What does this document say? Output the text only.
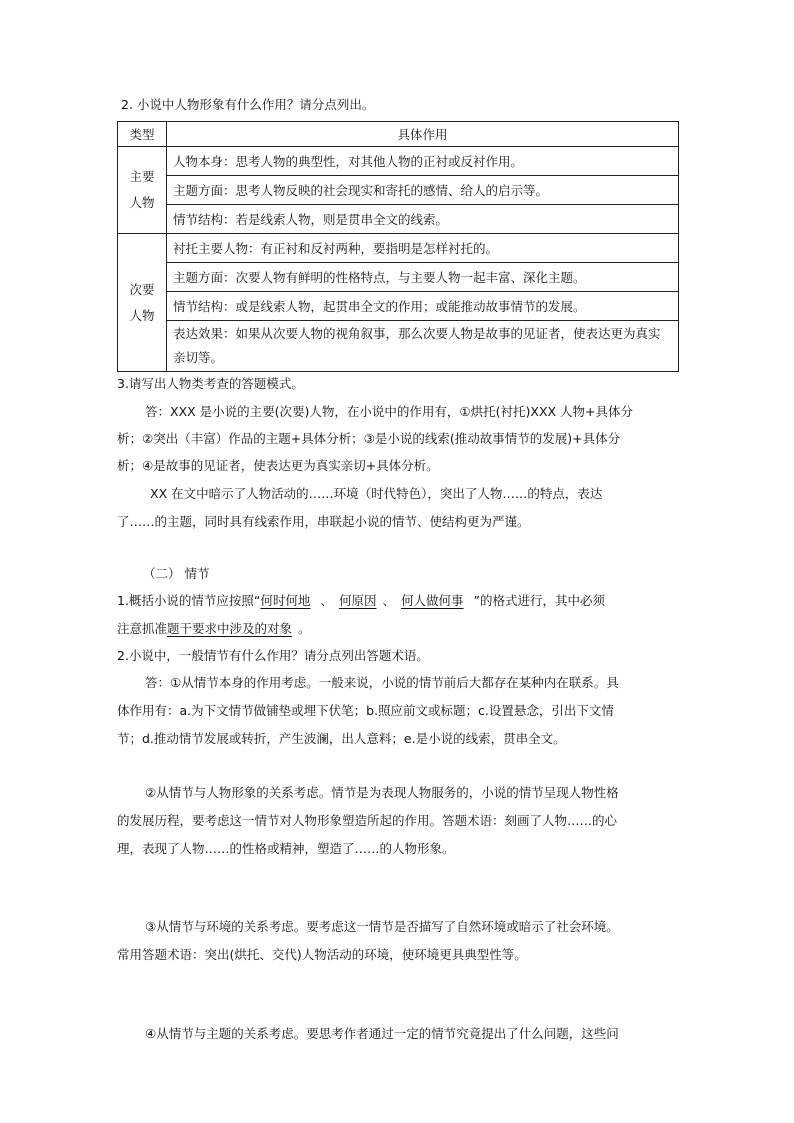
2. 小说中人物形象有什么作用？请分点列出。
类型	具体作用

主要
人物	人物本身：思考人物的典型性，对其他人物的正衬或反衬作用。
	主题方面：思考人物反映的社会现实和寄托的感情、给人的启示等。
	情节结构：若是线索人物，则是贯串全文的线索。

次要
人物	衬托主要人物：有正衬和反衬两种，要指明是怎样衬托的。
	主题方面：次要人物有鲜明的性格特点，与主要人物一起丰富、深化主题。
	情节结构：或是线索人物，起贯串全文的作用；或能推动故事情节的发展。
	表达效果：如果从次要人物的视角叙事，那么次要人物是故事的见证者，使表达更为真实亲切等。
3.请写出人物类考查的答题模式。
答：XXX 是小说的主要(次要)人物，在小说中的作用有，①烘托(衬托)XXX 人物+具体分
析；②突出（丰富）作品的主题+具体分析；③是小说的线索(推动故事情节的发展)+具体分
析；④是故事的见证者，使表达更为真实亲切+具体分析。
XX 在文中暗示了人物活动的……环境（时代特色），突出了人物……的特点，表达
了……的主题，同时具有线索作用，串联起小说的情节、使结构更为严谨。
（二） 情节
1.概括小说的情节应按照“何时何地 、 何原因 、 何人做何事 ”的格式进行，其中必须
注意抓准题干要求中涉及的对象 。
2.小说中，一般情节有什么作用？请分点列出答题术语。
答：①从情节本身的作用考虑。一般来说，小说的情节前后大都存在某种内在联系。具
体作用有：a.为下文情节做铺垫或埋下伏笔；b.照应前文或标题；c.设置悬念，引出下文情
节；d.推动情节发展或转折，产生波澜，出人意料；e.是小说的线索，贯串全文。
②从情节与人物形象的关系考虑。情节是为表现人物服务的，小说的情节呈现人物性格
的发展历程，要考虑这一情节对人物形象塑造所起的作用。答题术语：刻画了人物……的心
理，表现了人物……的性格或精神，塑造了……的人物形象。
③从情节与环境的关系考虑。要考虑这一情节是否描写了自然环境或暗示了社会环境。
常用答题术语：突出(烘托、交代)人物活动的环境，使环境更具典型性等。
④从情节与主题的关系考虑。要思考作者通过一定的情节究竟提出了什么问题，这些问
